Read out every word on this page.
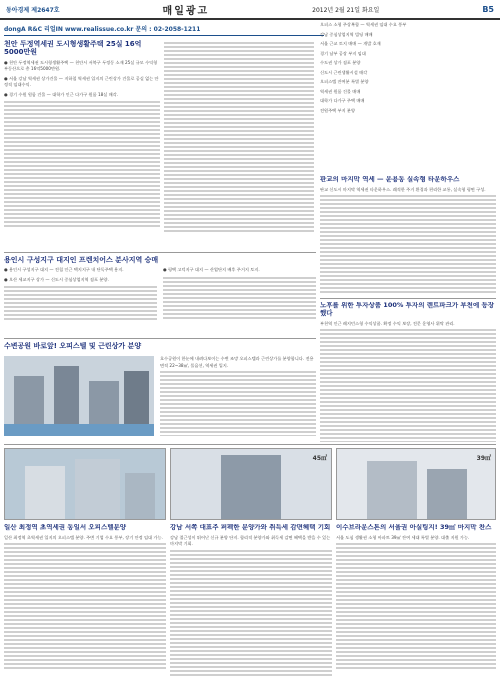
동아경제 제2647호	매일광고	2012년 2월 21일 화요일	B5
dongA R&C 리얼IN www.realissue.co.kr 문의 : 02-2058-1211
천안 두정역세권 도시형생활주택 25실 16억5000만원
● 천안 두정역세권 도시형생활주택 — 천안시 서북구 두정동 소재 25실 규모 수익형 부동산으로 총 16억5000만원.
● 서울 강남 역세권 상가건물 — 지하철 역세권 입지의 근린상가 건물로 공실 없는 안정적 임대수익.
● 경기 수원 원룸 건물 — 대학가 인근 다가구 원룸 18실 매각.
용인시 구성지구 대지인 프렌치어스 분사지역 승매
● 용인시 구성지구 대지 — 전철 인근 택지지구 내 단독주택 용지.
● 오산 세교지구 상가 — 신도시 중심상업지역 점포 분양.
● 평택 고덕지구 대지 — 산업단지 배후 주거지 토지.
수변공원 바로앞! 오피스텔 및 근린상가 분양
호수공원이 한눈에 내려다보이는 수변 조망 오피스텔과 근린상가를 분양합니다. 전용 면적 22~38㎡, 풀옵션, 역세권 입지.
오피스 소형 주상복합 — 역세권 임대 수요 풍부
강남 중심상업지역 빌딩 매매
서울 근교 토지 매매 — 개발 호재
경기 남부 공장 부지 임대
수도권 상가 점포 분양
신도시 근린생활시설 매각
오피스텔 잔여분 특별 분양
역세권 원룸 건물 매매
대학가 다가구 주택 매매
전원주택 부지 분양
판교의 마지막 역세 — 운용동 실속형 타운하우스
판교 신도시 마지막 역세권 타운하우스. 쾌적한 주거 환경과 편리한 교통, 실속형 평면 구성.
노후를 위한 투자상품 100% 투자의 렌트파크가 부천에 등장했다
부천역 인근 레지던스형 수익상품. 확정 수익 보장, 전문 운영사 위탁 관리.
45㎡	39㎡
일산 최정역 초역세권 동일서 오피스텔분양
일산 최정역 초역세권 입지의 오피스텔 분양. 주변 기업 수요 풍부, 장기 안정 임대 가능.
강남 서쪽 대표주 퍼펙한 분양가와 취득세 감면혜택 기회
강남 접근성이 뛰어난 신규 분양 단지. 합리적 분양가와 취득세 감면 혜택을 받을 수 있는 마지막 기회.
이수브라운스톤의 서울권 아실팅지! 39㎡ 마지막 찬스
서울 도심 생활권 소형 아파트 39㎡ 잔여 세대 특별 분양. 대출 지원 가능.
